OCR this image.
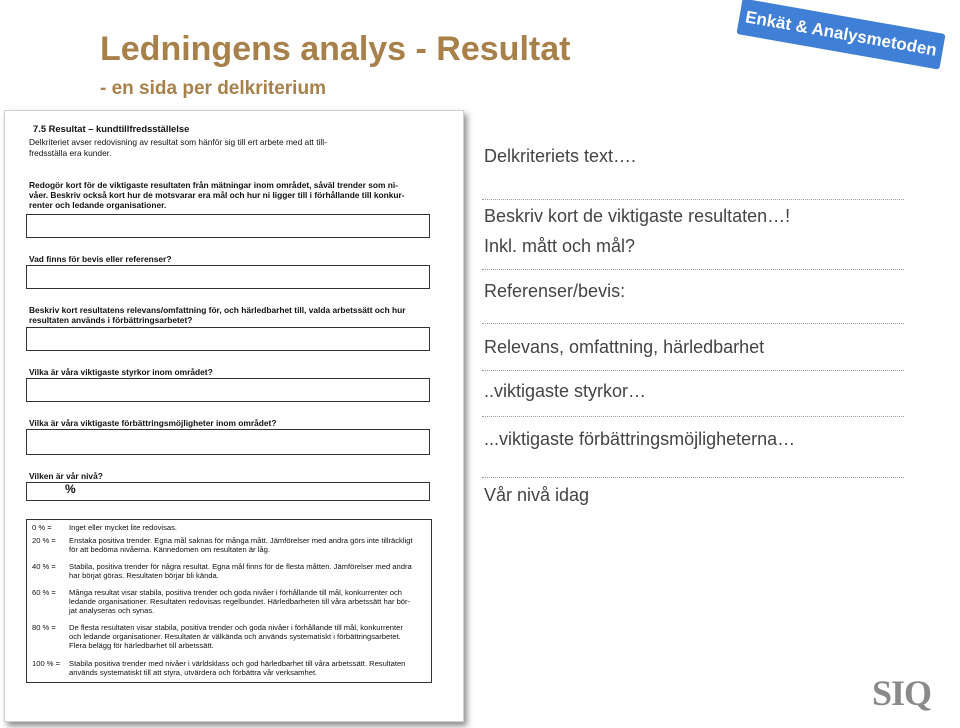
Ledningens analys - Resultat
- en sida per delkriterium
Enkät & Analysmetoden
7.5 Resultat – kundtillfredsställelse
Delkriteriet avser redovisning av resultat som hänför sig till ert arbete med att till-
fredsställa era kunder.
Redogör kort för de viktigaste resultaten från mätningar inom området, såväl trender som ni-
våer. Beskriv också kort hur de motsvarar era mål och hur ni ligger till i förhållande till konkur-
renter och ledande organisationer.
Vad finns för bevis eller referenser?
Beskriv kort resultatens relevans/omfattning för, och härledbarhet till, valda arbetssätt och hur
resultaten används i förbättringsarbetet?
Vilka är våra viktigaste styrkor inom området?
Vilka är våra viktigaste förbättringsmöjligheter inom området?
Vilken är vår nivå?
%
0 % =	Inget eller mycket lite redovisas.
20 % =	Enstaka positiva trender. Egna mål saknas för många mått. Jämförelser med andra görs inte tillräckligt
för att bedöma nivåerna. Kännedomen om resultaten är låg.
40 % =	Stabila, positiva trender för några resultat. Egna mål finns för de flesta måtten. Jämförelser med andra
har börjat göras. Resultaten börjar bli kända.
60 % =	Många resultat visar stabila, positiva trender och goda nivåer i förhållande till mål, konkurrenter och
ledande organisationer. Resultaten redovisas regelbundet. Härledbarheten till våra arbetssätt har bör-
jat analyseras och synas.
80 % =	De flesta resultaten visar stabila, positiva trender och goda nivåer i förhållande till mål, konkurrenter
och ledande organisationer. Resultaten är välkända och används systematiskt i förbättringsarbetet.
Flera belägg för härledbarhet till arbetssätt.
100 % =	Stabila positiva trender med nivåer i världsklass och god härledbarhet till våra arbetssätt. Resultaten
används systematiskt till att styra, utvärdera och förbättra vår verksamhet.
Delkriteriets text….
Beskriv kort de viktigaste resultaten…!
Inkl. mått och mål?
Referenser/bevis:
Relevans, omfattning, härledbarhet
..viktigaste styrkor…
...viktigaste förbättringsmöjligheterna…
Vår nivå idag
SIQ
